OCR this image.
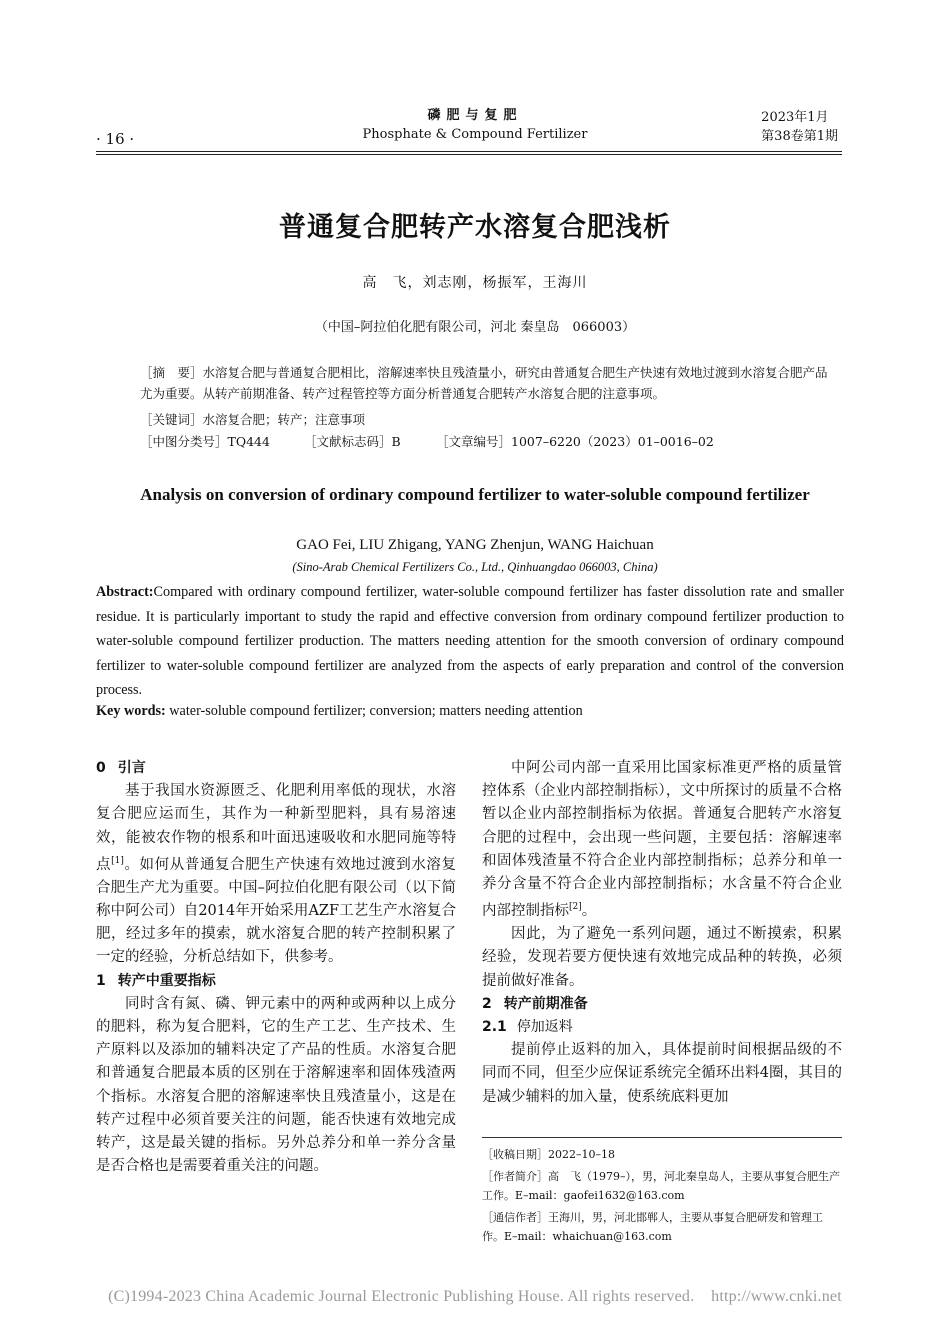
· 16 ·
磷肥与复肥
Phosphate & Compound Fertilizer
2023年1月
第38卷第1期
普通复合肥转产水溶复合肥浅析
高　飞，刘志刚，杨振军，王海川
（中国–阿拉伯化肥有限公司，河北 秦皇岛　066003）
［摘　要］水溶复合肥与普通复合肥相比，溶解速率快且残渣量小，研究由普通复合肥生产快速有效地过渡到水溶复合肥产品尤为重要。从转产前期准备、转产过程管控等方面分析普通复合肥转产水溶复合肥的注意事项。
［关键词］水溶复合肥；转产；注意事项
［中图分类号］TQ444	［文献标志码］B	［文章编号］1007–6220（2023）01–0016–02
Analysis on conversion of ordinary compound fertilizer to water-soluble compound fertilizer
GAO Fei, LIU Zhigang, YANG Zhenjun, WANG Haichuan
(Sino-Arab Chemical Fertilizers Co., Ltd., Qinhuangdao 066003, China)
Abstract:Compared with ordinary compound fertilizer, water-soluble compound fertilizer has faster dissolution rate and smaller residue. It is particularly important to study the rapid and effective conversion from ordinary compound fertilizer production to water-soluble compound fertilizer production. The matters needing attention for the smooth conversion of ordinary compound fertilizer to water-soluble compound fertilizer are analyzed from the aspects of early preparation and control of the conversion process.
Key words: water-soluble compound fertilizer; conversion; matters needing attention
0 引言

基于我国水资源匮乏、化肥利用率低的现状，水溶复合肥应运而生，其作为一种新型肥料，具有易溶速效，能被农作物的根系和叶面迅速吸收和水肥同施等特点[1]。如何从普通复合肥生产快速有效地过渡到水溶复合肥生产尤为重要。中国–阿拉伯化肥有限公司（以下简称中阿公司）自2014年开始采用AZF工艺生产水溶复合肥，经过多年的摸索，就水溶复合肥的转产控制积累了一定的经验，分析总结如下，供参考。

1 转产中重要指标

同时含有氮、磷、钾元素中的两种或两种以上成分的肥料，称为复合肥料，它的生产工艺、生产技术、生产原料以及添加的辅料决定了产品的性质。水溶复合肥和普通复合肥最本质的区别在于溶解速率和固体残渣两个指标。水溶复合肥的溶解速率快且残渣量小，这是在转产过程中必须首要关注的问题，能否快速有效地完成转产，这是最关键的指标。另外总养分和单一养分含量是否合格也是需要着重关注的问题。

中阿公司内部一直采用比国家标准更严格的质量管控体系（企业内部控制指标），文中所探讨的质量不合格暂以企业内部控制指标为依据。普通复合肥转产水溶复合肥的过程中，会出现一些问题，主要包括：溶解速率和固体残渣量不符合企业内部控制指标；总养分和单一养分含量不符合企业内部控制指标；水含量不符合企业内部控制指标[2]。

因此，为了避免一系列问题，通过不断摸索，积累经验，发现若要方便快速有效地完成品种的转换，必须提前做好准备。

2 转产前期准备
2.1 停加返料

提前停止返料的加入，具体提前时间根据品级的不同而不同，但至少应保证系统完全循环出料4圈，其目的是减少辅料的加入量，使系统底料更加

［收稿日期］2022–10–18
［作者简介］高　飞（1979–），男，河北秦皇岛人，主要从事复合肥生产工作。E–mail：gaofei1632@163.com
［通信作者］王海川，男，河北邯郸人，主要从事复合肥研发和管理工作。E–mail：whaichuan@163.com
(C)1994-2023 China Academic Journal Electronic Publishing House. All rights reserved.    http://www.cnki.net
